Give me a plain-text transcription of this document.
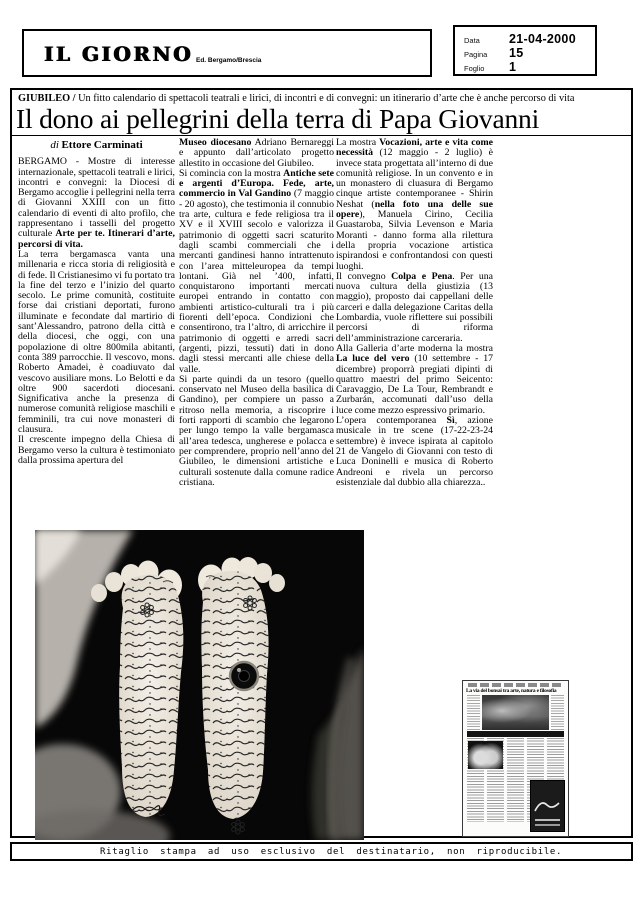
IL GIORNO Ed. Bergamo/Brescia
Data	21-04-2000
Pagina	15
Foglio	1
GIUBILEO / Un fitto calendario di spettacoli teatrali e lirici, di incontri e di convegni: un itinerario d’arte che è anche percorso di vita
Il dono ai pellegrini della terra di Papa Giovanni
di Ettore Carminati

BERGAMO - Mostre di interesse internazionale, spettacoli teatrali e lirici, incontri e convegni: la Diocesi di Bergamo accoglie i pellegrini nella terra di Giovanni XXIII con un fitto calendario di eventi di alto profilo, che rappresentano i tasselli del progetto culturale Arte per te. Itinerari d’arte, percorsi di vita.

La terra bergamasca vanta una millenaria e ricca storia di religiosità e di fede. Il Cristianesimo vi fu portato tra la fine del terzo e l’inizio del quarto secolo. Le prime comunità, costituite forse dai cristiani deportati, furono illuminate e fecondate dal martirio di sant’Alessandro, patrono della città e della diocesi, che oggi, con una popolazione di oltre 800mila abitanti, conta 389 parrocchie. Il vescovo, mons. Roberto Amadei, è coadiuvato dal vescovo ausiliare mons. Lo Belotti e da oltre 900 sacerdoti diocesani. Significativa anche la presenza di numerose comunità religiose maschili e femminili, tra cui nove monasteri di clausura.

Il crescente impegno della Chiesa di Bergamo verso la cultura è testimoniato dalla prossima apertura del

Museo diocesano Adriano Bernareggi e appunto dall’articolato progetto allestito in occasione del Giubileo.

Si comincia con la mostra Antiche sete e argenti d’Europa. Fede, arte, commercio in Val Gandino (7 maggio - 20 agosto), che testimonia il connubio tra arte, cultura e fede religiosa tra il XV e il XVIII secolo e valorizza il patrimonio di oggetti sacri scaturito dagli scambi commerciali che i mercanti gandinesi hanno intrattenuto con l’area mitteleuropea da tempi lontani. Già nel ’400, infatti, conquistarono importanti mercati europei entrando in contatto con ambienti artistico-culturali tra i più fiorenti dell’epoca. Condizioni che consentirono, tra l’altro, di arricchire il patrimonio di oggetti e arredi sacri (argenti, pizzi, tessuti) dati in dono dagli stessi mercanti alle chiese della valle.

Si parte quindi da un tesoro (quello conservato nel Museo della basilica di Gandino), per compiere un passo a ritroso nella memoria, a riscoprire i forti rapporti di scambio che legarono per lungo tempo la valle bergamasca all’area tedesca, ungherese e polacca e per comprendere, proprio nell’anno del Giubileo, le dimensioni artistiche e culturali sostenute dalla comune radice cristiana.

La mostra Vocazioni, arte e vita come necessità (12 maggio - 2 luglio) è invece stata progettata all’interno di due comunità religiose. In un convento e in un monastero di cluasura di Bergamo cinque artiste contemporanee - Shirin Neshat (nella foto una delle sue opere), Manuela Cirino, Cecilia Guastaroba, Silvia Levenson e Maria Moranti - danno forma alla rilettura della propria vocazione artistica ispirandosi e confrontandosi con questi luoghi.

Il convegno Colpa e Pena. Per una nuova cultura della giustizia (13 maggio), proposto dai cappellani delle carceri e dalla delegazione Caritas della Lombardia, vuole riflettere sui possibili percorsi di riforma dell’amministrazione carceraria.

Alla Galleria d’arte moderna la mostra La luce del vero (10 settembre - 17 dicembre) proporrà pregiati dipinti di quattro maestri del primo Seicento: Caravaggio, De La Tour, Rembrandt e Zurbarán, accomunati dall’uso della luce come mezzo espressivo primario.

L’opera contemporanea Sì, azione musicale in tre scene (17-22-23-24 settembre) è invece ispirata al capitolo 21 de Vangelo di Giovanni con testo di Luca Doninelli e musica di Roberto Andreoni e rivela un percorso esistenziale dal dubbio alla chiarezza..

La via del bonsai tra arte, natura e filosofia
Ritaglio stampa ad uso esclusivo del destinatario, non riproducibile.
